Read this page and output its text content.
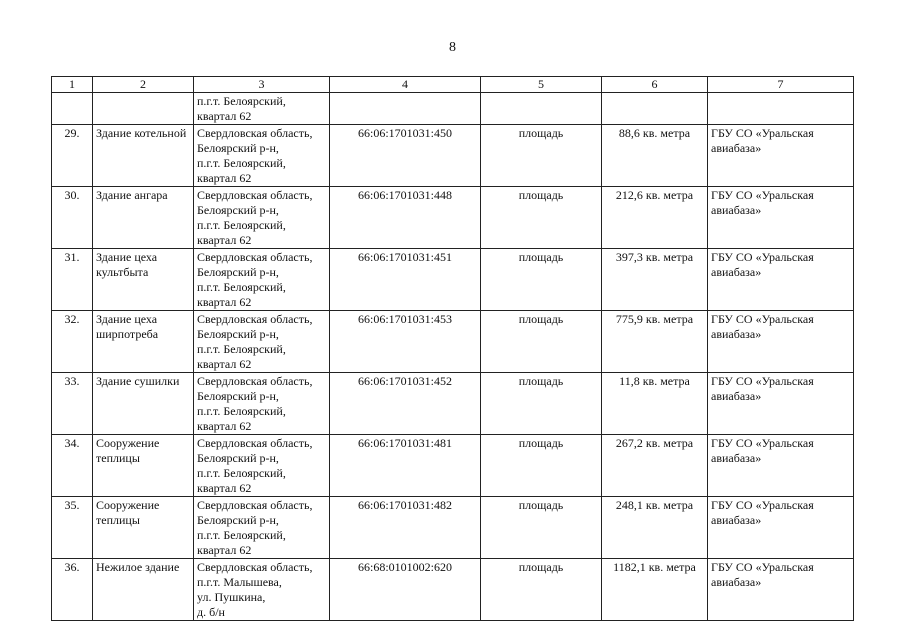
8
1	2	3	4	5	6	7

		п.г.т. Белоярский,
квартал 62				

29.	Здание котельной	Свердловская область,
Белоярский р-н,
п.г.т. Белоярский,
квартал 62	66:06:1701031:450	площадь	88,6 кв. метра	ГБУ СО «Уральская авиабаза»
30.	Здание ангара	Свердловская область,
Белоярский р-н,
п.г.т. Белоярский,
квартал 62	66:06:1701031:448	площадь	212,6 кв. метра	ГБУ СО «Уральская авиабаза»
31.	Здание цеха культбыта	Свердловская область,
Белоярский р-н,
п.г.т. Белоярский,
квартал 62	66:06:1701031:451	площадь	397,3 кв. метра	ГБУ СО «Уральская авиабаза»
32.	Здание цеха ширпотреба	Свердловская область,
Белоярский р-н,
п.г.т. Белоярский,
квартал 62	66:06:1701031:453	площадь	775,9 кв. метра	ГБУ СО «Уральская авиабаза»
33.	Здание сушилки	Свердловская область,
Белоярский р-н,
п.г.т. Белоярский,
квартал 62	66:06:1701031:452	площадь	11,8 кв. метра	ГБУ СО «Уральская авиабаза»
34.	Сооружение теплицы	Свердловская область,
Белоярский р-н,
п.г.т. Белоярский,
квартал 62	66:06:1701031:481	площадь	267,2 кв. метра	ГБУ СО «Уральская авиабаза»
35.	Сооружение теплицы	Свердловская область,
Белоярский р-н,
п.г.т. Белоярский,
квартал 62	66:06:1701031:482	площадь	248,1 кв. метра	ГБУ СО «Уральская авиабаза»
36.	Нежилое здание	Свердловская область,
п.г.т. Малышева,
ул. Пушкина,
д. б/н	66:68:0101002:620	площадь	1182,1 кв. метра	ГБУ СО «Уральская авиабаза»
